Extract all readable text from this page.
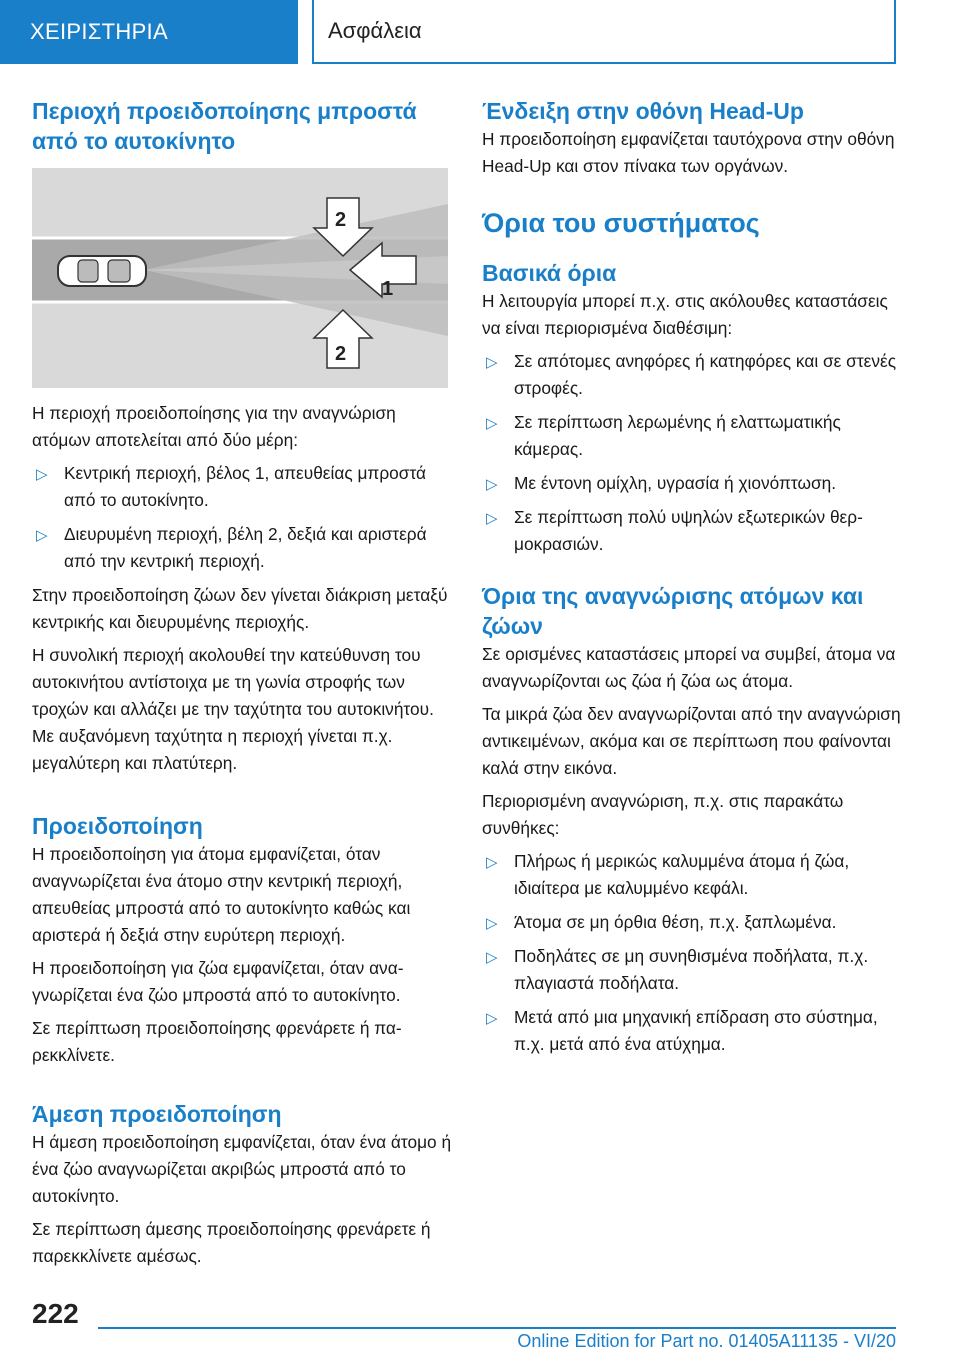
ΧΕΙΡΙΣΤΗΡΙΑ	Ασφάλεια
Περιοχή προειδοποίησης μπροστά από το αυτοκίνητο
1
2
2

Η περιοχή προειδοποίησης για την αναγνώριση ατόμων αποτελείται από δύο μέρη:

▷ Κεντρική περιοχή, βέλος 1, απευθείας μπροστά από το αυτοκίνητο.
▷ Διευρυμένη περιοχή, βέλη 2, δεξιά και αριστερά από την κεντρική περιοχή.

Στην προειδοποίηση ζώων δεν γίνεται διάκριση μεταξύ κεντρικής και διευρυμένης περιοχής.

Η συνολική περιοχή ακολουθεί την κατεύθυνση του αυτοκινήτου αντίστοιχα με τη γωνία στροφής των τροχών και αλλάζει με την ταχύτητα του αυτοκινήτου. Με αυξανόμενη ταχύτητα η περιοχή γίνεται π.χ. μεγαλύτερη και πλατύτερη.

Προειδοποίηση

Η προειδοποίηση για άτομα εμφανίζεται, όταν αναγνωρίζεται ένα άτομο στην κεντρική περιοχή, απευθείας μπροστά από το αυτοκίνητο καθώς και αριστερά ή δεξιά στην ευρύτερη περιοχή.

Η προειδοποίηση για ζώα εμφανίζεται, όταν αναγνωρίζεται ένα ζώο μπροστά από το αυτοκίνητο.

Σε περίπτωση προειδοποίησης φρενάρετε ή παρεκκλίνετε.

Άμεση προειδοποίηση

Η άμεση προειδοποίηση εμφανίζεται, όταν ένα άτομο ή ένα ζώο αναγνωρίζεται ακριβώς μπροστά από το αυτοκίνητο.

Σε περίπτωση άμεσης προειδοποίησης φρενάρετε ή παρεκκλίνετε αμέσως.

Ένδειξη στην οθόνη Head-Up

Η προειδοποίηση εμφανίζεται ταυτόχρονα στην οθόνη Head-Up και στον πίνακα των οργάνων.

Όρια του συστήματος
Βασικά όρια

Η λειτουργία μπορεί π.χ. στις ακόλουθες καταστάσεις να είναι περιορισμένα διαθέσιμη:

▷ Σε απότομες ανηφόρες ή κατηφόρες και σε στενές στροφές.
▷ Σε περίπτωση λερωμένης ή ελαττωματικής κάμερας.
▷ Με έντονη ομίχλη, υγρασία ή χιονόπτωση.
▷ Σε περίπτωση πολύ υψηλών εξωτερικών θερμοκρασιών.
Όρια της αναγνώρισης ατόμων και ζώων

Σε ορισμένες καταστάσεις μπορεί να συμβεί, άτομα να αναγνωρίζονται ως ζώα ή ζώα ως άτομα.

Τα μικρά ζώα δεν αναγνωρίζονται από την αναγνώριση αντικειμένων, ακόμα και σε περίπτωση που φαίνονται καλά στην εικόνα.

Περιορισμένη αναγνώριση, π.χ. στις παρακάτω συνθήκες:

▷ Πλήρως ή μερικώς καλυμμένα άτομα ή ζώα, ιδιαίτερα με καλυμμένο κεφάλι.
▷ Άτομα σε μη όρθια θέση, π.χ. ξαπλωμένα.
▷ Ποδηλάτες σε μη συνηθισμένα ποδήλατα, π.χ. πλαγιαστά ποδήλατα.
▷ Μετά από μια μηχανική επίδραση στο σύστημα, π.χ. μετά από ένα ατύχημα.
222
Online Edition for Part no. 01405A11135 - VI/20
